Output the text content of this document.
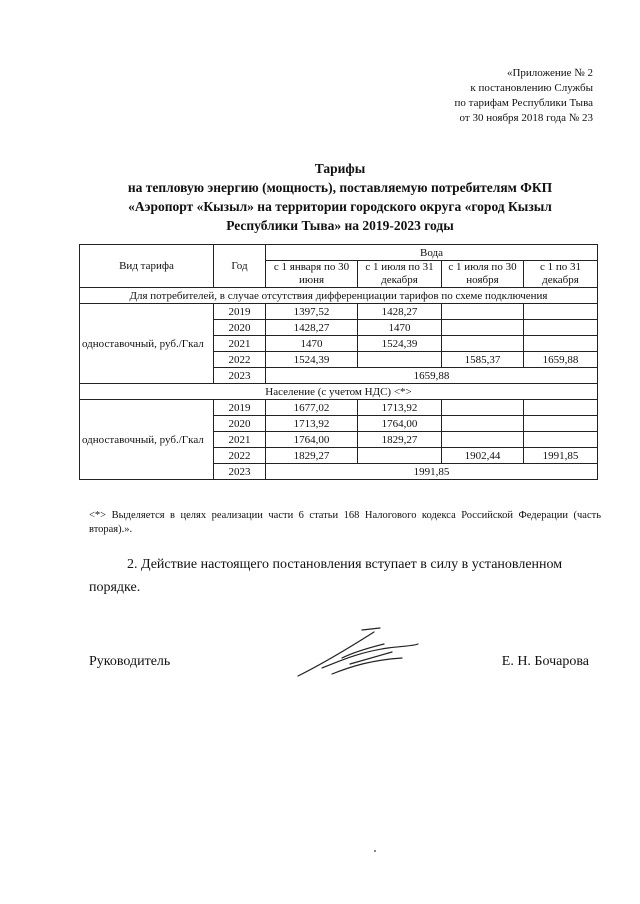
«Приложение № 2
к постановлению Службы
по тарифам Республики Тыва
от 30 ноября 2018 года № 23
Тарифы
на тепловую энергию (мощность), поставляемую потребителям ФКП
«Аэропорт «Кызыл» на территории городского округа «город Кызыл
Республики Тыва» на 2019-2023 годы
Вид тарифа	Год	Вода			
		с 1 января по 30 июня	с 1 июля по 31 декабря	с 1 июля по 30 ноября	с 1 по 31 декабря
Для потребителей, в случае отсутствия дифференциации тарифов по схеме подключения					
одноставочный, руб./Гкал	2019	1397,52	1428,27		
	2020	1428,27	1470		
	2021	1470	1524,39		
	2022	1524,39		1585,37	1659,88
	2023	1659,88			
Население (с учетом НДС) <*>					
одноставочный, руб./Гкал	2019	1677,02	1713,92		
	2020	1713,92	1764,00		
	2021	1764,00	1829,27		
	2022	1829,27		1902,44	1991,85
	2023	1991,85			
<*> Выделяется в целях реализации части 6 статьи 168 Налогового кодекса Российской Федерации (часть вторая).».
2. Действие настоящего постановления вступает в силу в установленном порядке.
Руководитель	Е. Н. Бочарова
